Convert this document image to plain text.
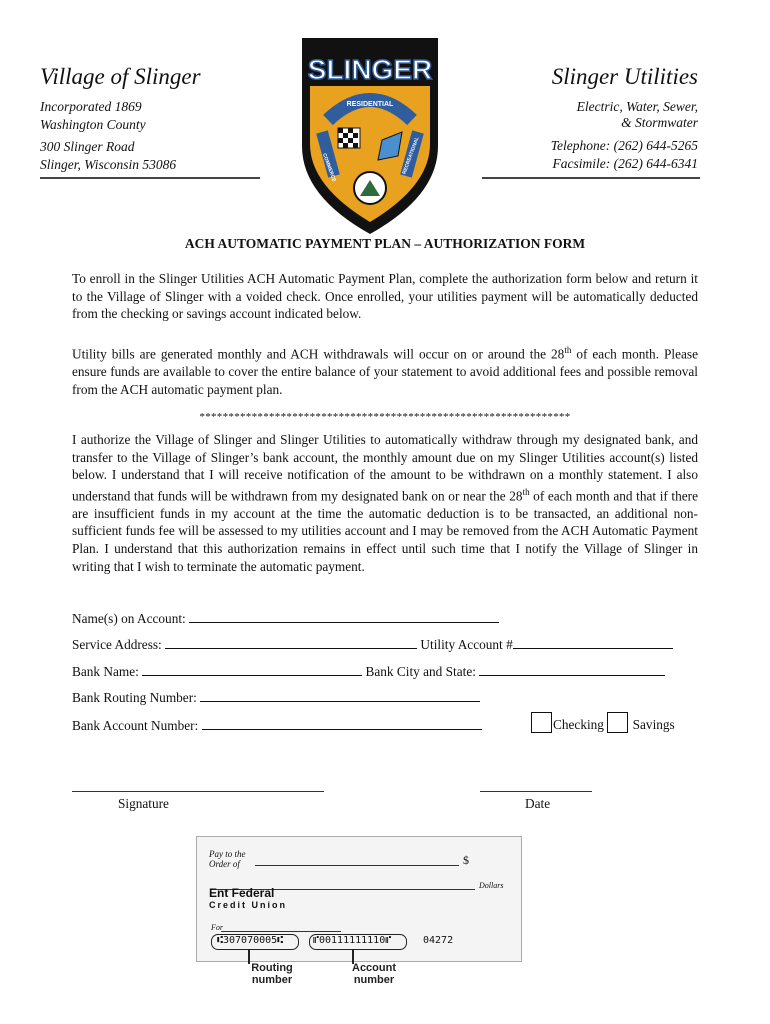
Village of Slinger
Incorporated 1869
Washington County
300 Slinger Road
Slinger, Wisconsin 53086
Slinger Utilities
Electric, Water, Sewer,
& Stormwater
Telephone: (262) 644-5265
Facsimile: (262) 644-6341
SLINGER
RESIDENTIAL
COMMERCE	RECREATIONAL
ACH AUTOMATIC PAYMENT PLAN – AUTHORIZATION FORM
To enroll in the Slinger Utilities ACH Automatic Payment Plan, complete the authorization form below and return it to the Village of Slinger with a voided check. Once enrolled, your utilities payment will be automatically deducted from the checking or savings account indicated below.
Utility bills are generated monthly and ACH withdrawals will occur on or around the 28th of each month. Please ensure funds are available to cover the entire balance of your statement to avoid additional fees and possible removal from the ACH automatic payment plan.
****************************************************************
I authorize the Village of Slinger and Slinger Utilities to automatically withdraw through my designated bank, and transfer to the Village of Slinger’s bank account, the monthly amount due on my Slinger Utilities account(s) listed below. I understand that I will receive notification of the amount to be withdrawn on a monthly statement. I also understand that funds will be withdrawn from my designated bank on or near the 28th of each month and that if there are insufficient funds in my account at the time the automatic deduction is to be transacted, an additional non-sufficient funds fee will be assessed to my utilities account and I may be removed from the ACH Automatic Payment Plan. I understand that this authorization remains in effect until such time that I notify the Village of Slinger in writing that I wish to terminate the automatic payment.
Name(s) on Account:
Service Address:	Utility Account #
Bank Name:	Bank City and State:
Bank Routing Number:
Bank Account Number:	Checking Savings
Signature	Date
Pay to the
Order of	$
Dollars
Ent Federal
Credit Union
For
⑆307070005⑆	⑈00111111110⑈	04272
Routing
number
Account
number
